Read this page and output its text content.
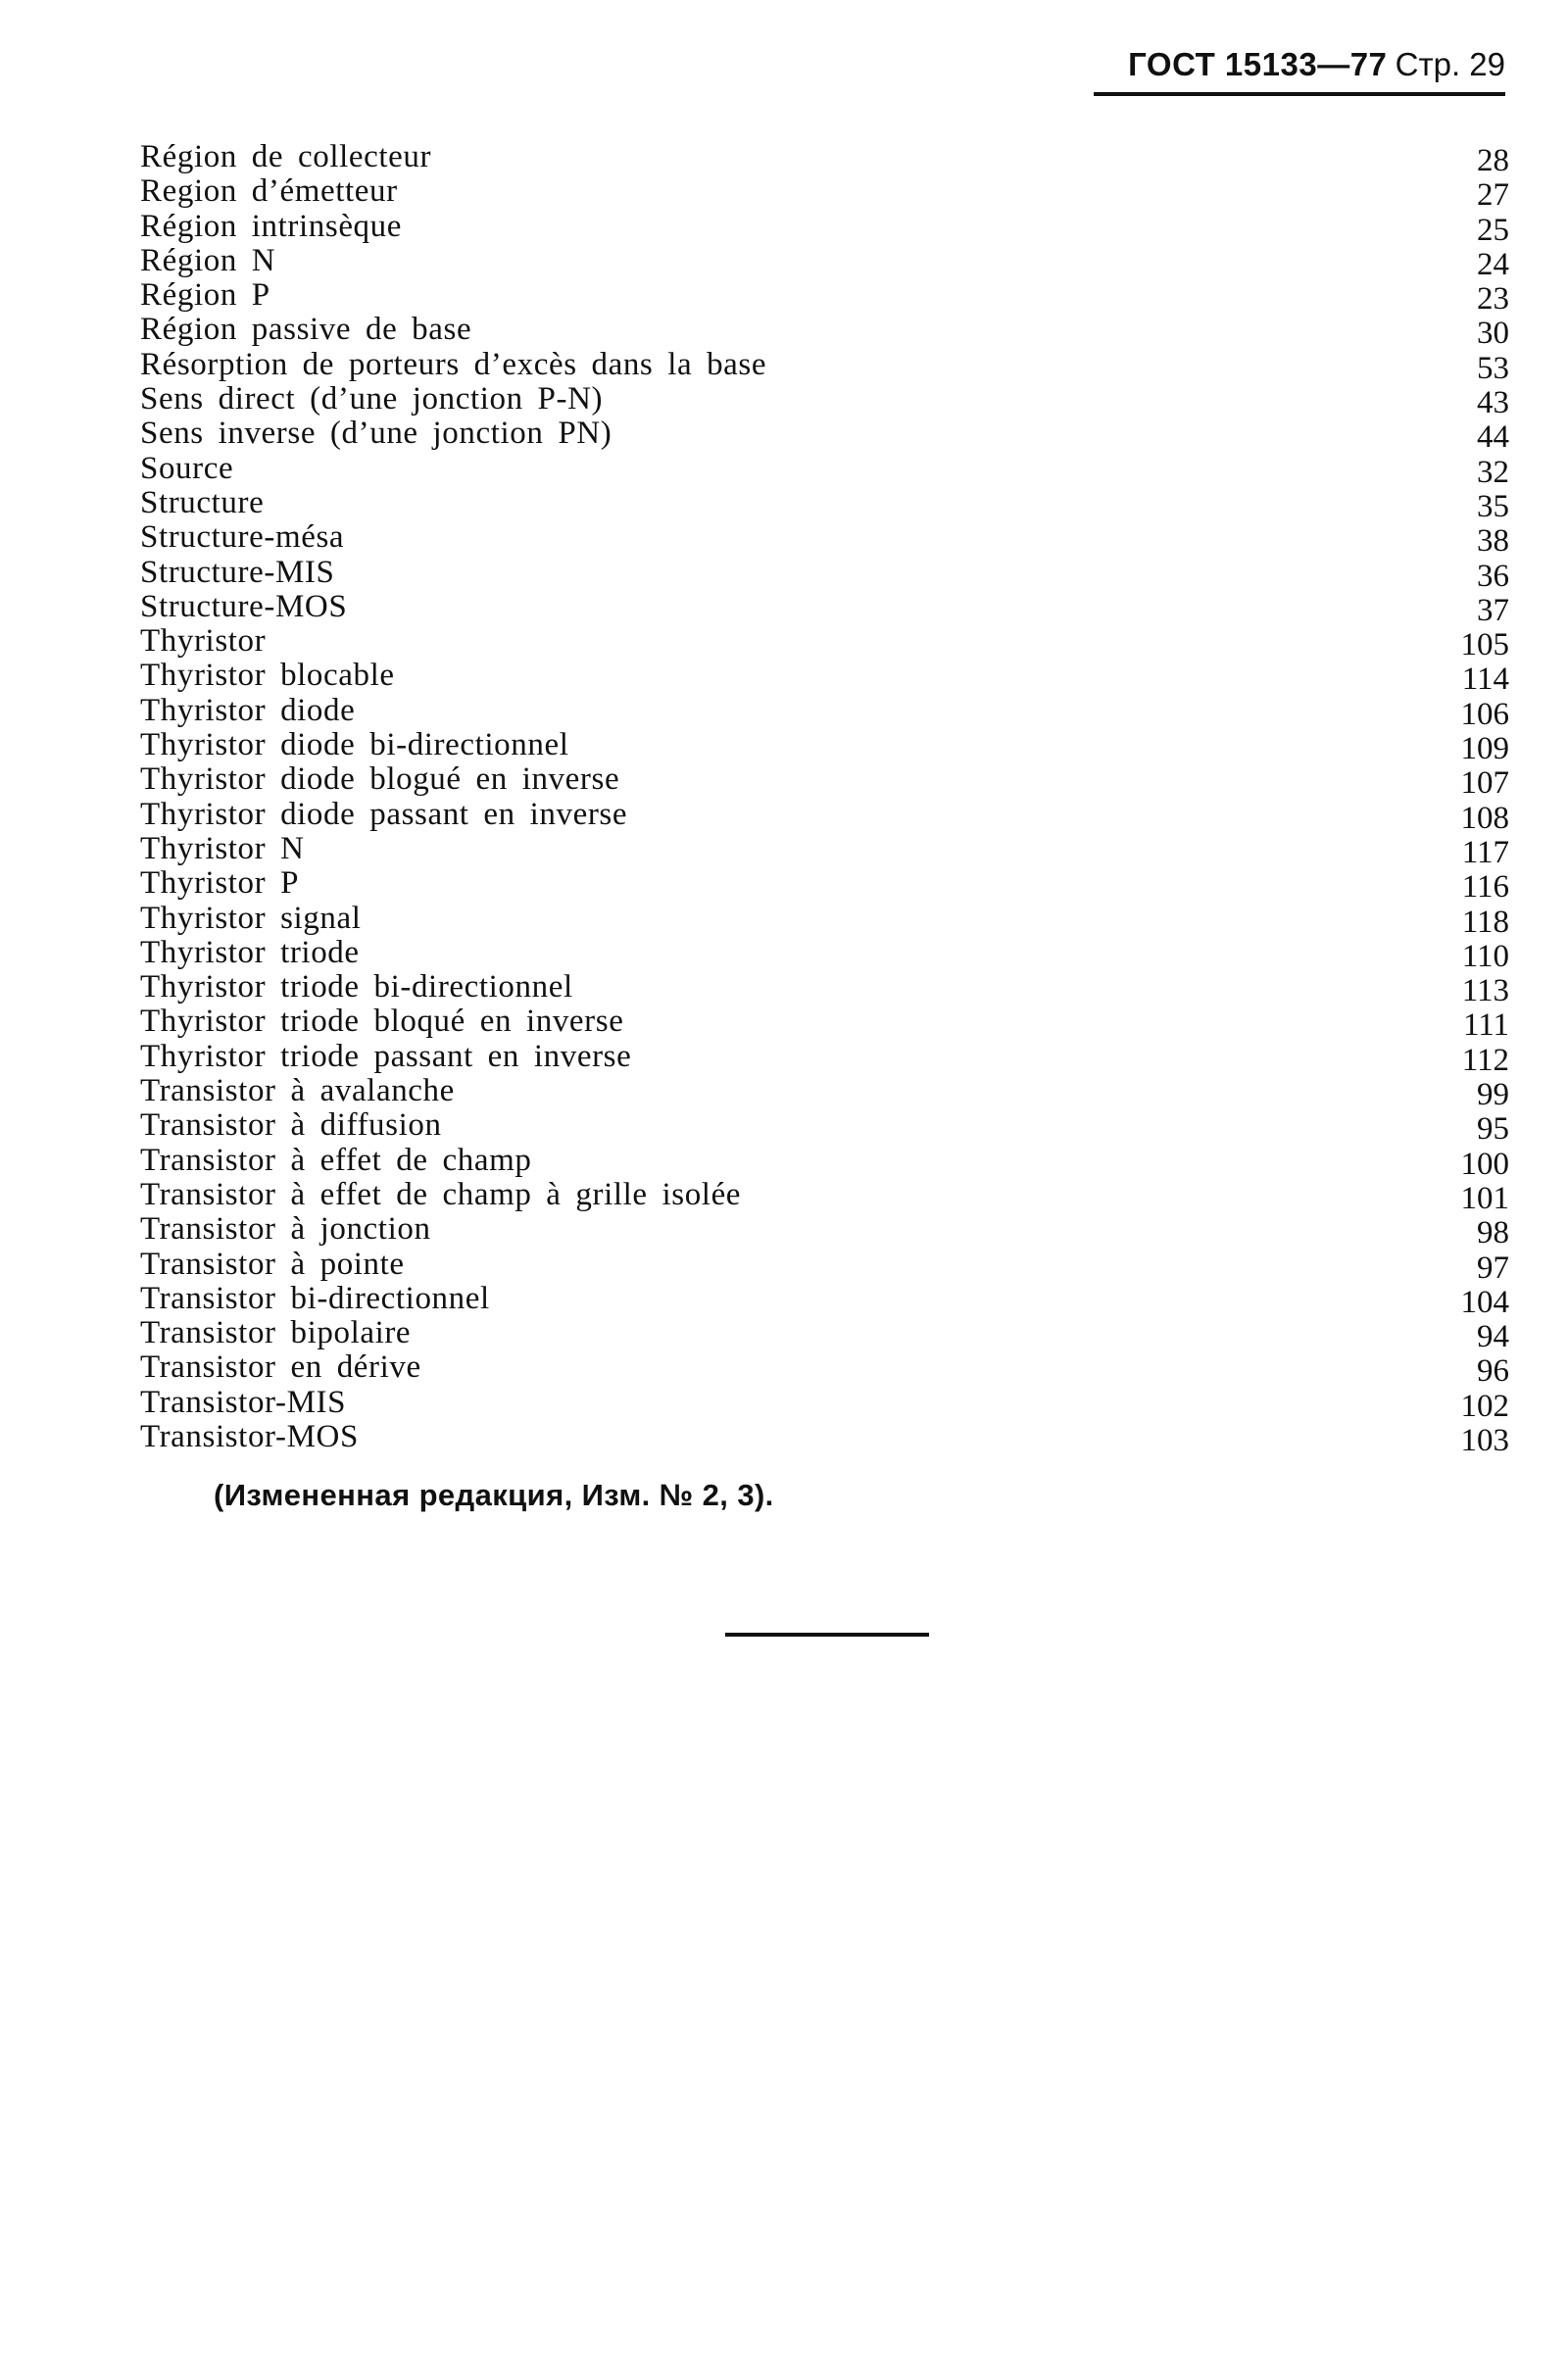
ГОСТ 15133—77 Стр. 29
Région de collecteur	28
Region d’émetteur	27
Région intrinsèque	25
Région N	24
Région P	23
Région passive de base	30
Résorption de porteurs d’excès dans la base	53
Sens direct (d’une jonction P-N)	43
Sens inverse (d’une jonction PN)	44
Source	32
Structure	35
Structure-mésa	38
Structure-MIS	36
Structure-MOS	37
Thyristor	105
Thyristor blocable	114
Thyristor diode	106
Thyristor diode bi-directionnel	109
Thyristor diode blogué en inverse	107
Thyristor diode passant en inverse	108
Thyristor N	117
Thyristor P	116
Thyristor signal	118
Thyristor triode	110
Thyristor triode bi-directionnel	113
Thyristor triode bloqué en inverse	111
Thyristor triode passant en inverse	112
Transistor à avalanche	99
Transistor à diffusion	95
Transistor à effet de champ	100
Transistor à effet de champ à grille isolée	101
Transistor à jonction	98
Transistor à pointe	97
Transistor bi-directionnel	104
Transistor bipolaire	94
Transistor en dérive	96
Transistor-MIS	102
Transistor-MOS	103
(Измененная редакция, Изм. № 2, 3).
